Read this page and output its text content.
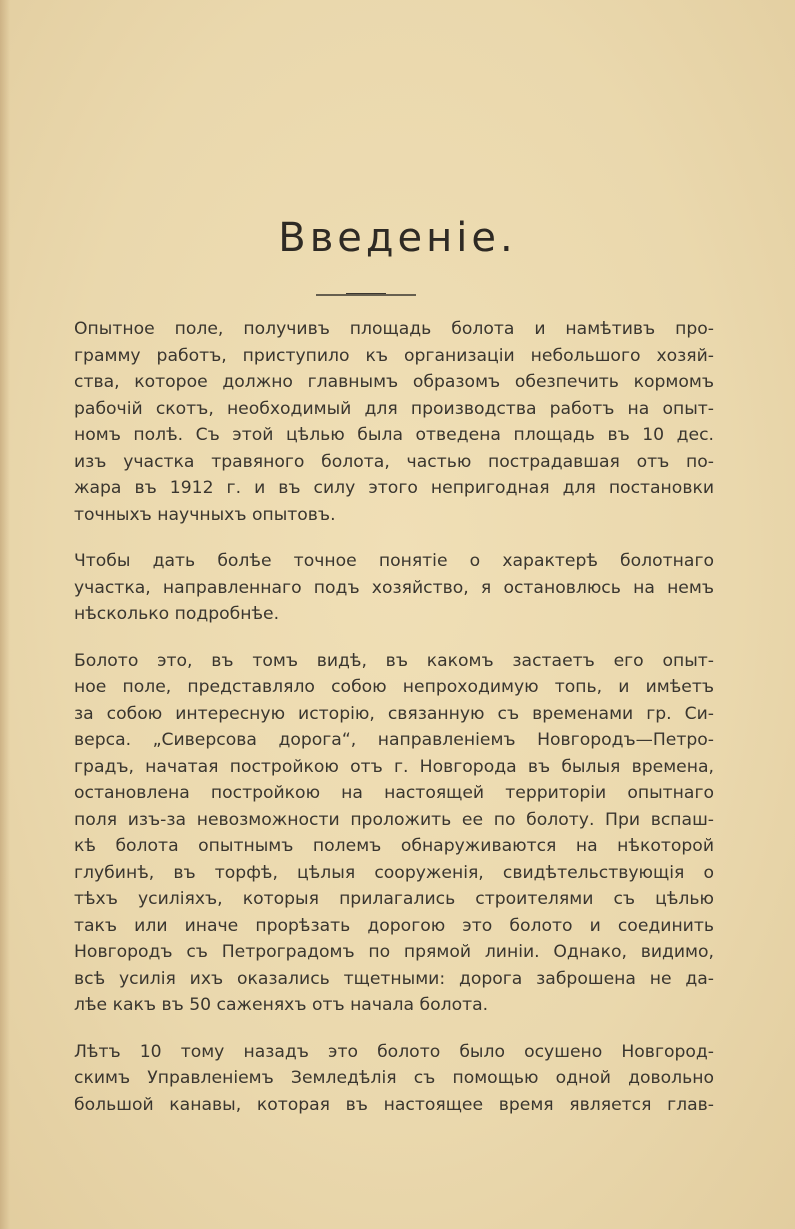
Введеніе.
Опытное поле, получивъ площадь болота и намѣтивъ про-
грамму работъ, приступило къ организаціи небольшого хозяй-
ства, которое должно главнымъ образомъ обезпечить кормомъ
рабочій скотъ, необходимый для производства работъ на опыт-
номъ полѣ. Съ этой цѣлью была отведена площадь въ 10 дес.
изъ участка травяного болота, частью пострадавшая отъ по-
жара въ 1912 г. и въ силу этого непригодная для постановки
точныхъ научныхъ опытовъ.
Чтобы дать болѣе точное понятіе о характерѣ болотнаго
участка, направленнаго подъ хозяйство, я остановлюсь на немъ
нѣсколько подробнѣе.
Болото это, въ томъ видѣ, въ какомъ застаетъ его опыт-
ное поле, представляло собою непроходимую топь, и имѣетъ
за собою интересную исторію, связанную съ временами гр. Си-
верса. „Сиверсова дорога“, направленіемъ Новгородъ—Петро-
градъ, начатая постройкою отъ г. Новгорода въ былыя времена,
остановлена постройкою на настоящей территоріи опытнаго
поля изъ-за невозможности проложить ее по болоту. При вспаш-
кѣ болота опытнымъ полемъ обнаруживаются на нѣкоторой
глубинѣ, въ торфѣ, цѣлыя сооруженія, свидѣтельствующія о
тѣхъ усиліяхъ, которыя прилагались строителями съ цѣлью
такъ или иначе прорѣзать дорогою это болото и соединить
Новгородъ съ Петроградомъ по прямой линіи. Однако, видимо,
всѣ усилія ихъ оказались тщетными: дорога заброшена не да-
лѣе какъ въ 50 саженяхъ отъ начала болота.
Лѣтъ 10 тому назадъ это болото было осушено Новгород-
скимъ Управленіемъ Земледѣлія съ помощью одной довольно
большой канавы, которая въ настоящее время является глав-
